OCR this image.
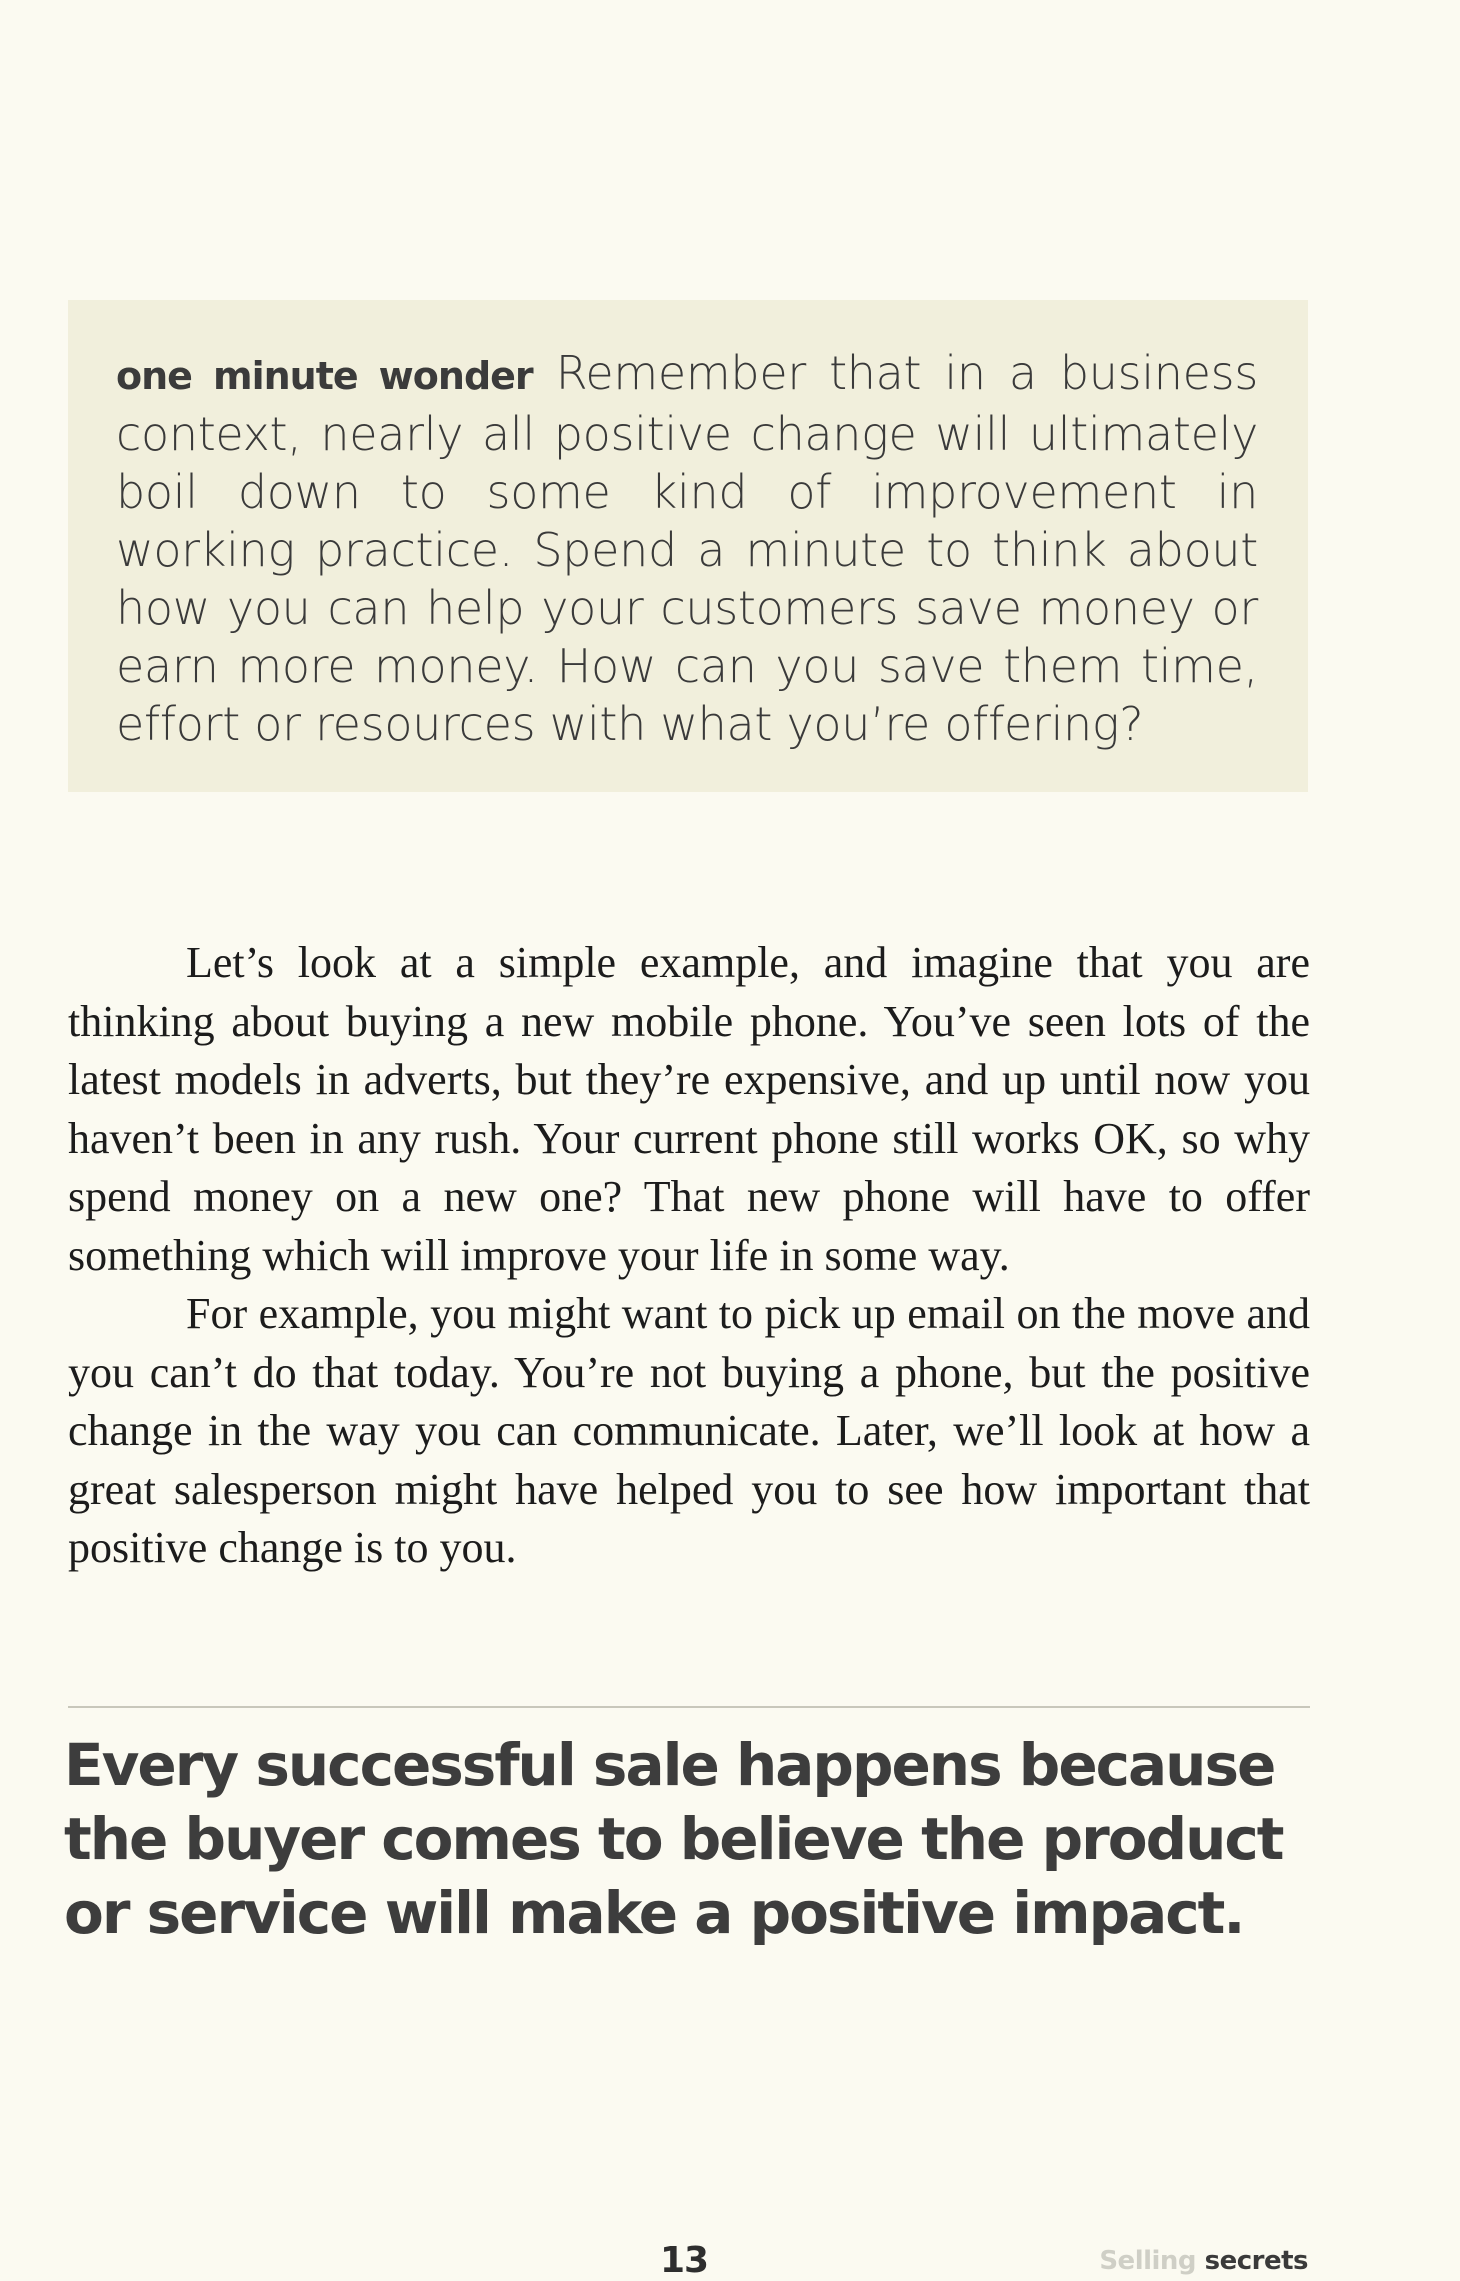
one minute wonder Remember that in a business context, nearly all positive change will ultimately boil down to some kind of improvement in working practice. Spend a minute to think about how you can help your customers save money or earn more money. How can you save them time, effort or resources with what you’re offering?

Let’s look at a simple example, and imagine that you are thinking about buying a new mobile phone. You’ve seen lots of the latest models in adverts, but they’re expensive, and up until now you haven’t been in any rush. Your current phone still works OK, so why spend money on a new one? That new phone will have to offer something which will improve your life in some way.

For example, you might want to pick up email on the move and you can’t do that today. You’re not buying a phone, but the positive change in the way you can communicate. Later, we’ll look at how a great salesperson might have helped you to see how important that positive change is to you.

Every successful sale happens because the buyer comes to believe the product or service will make a positive impact.

13	Selling secrets
